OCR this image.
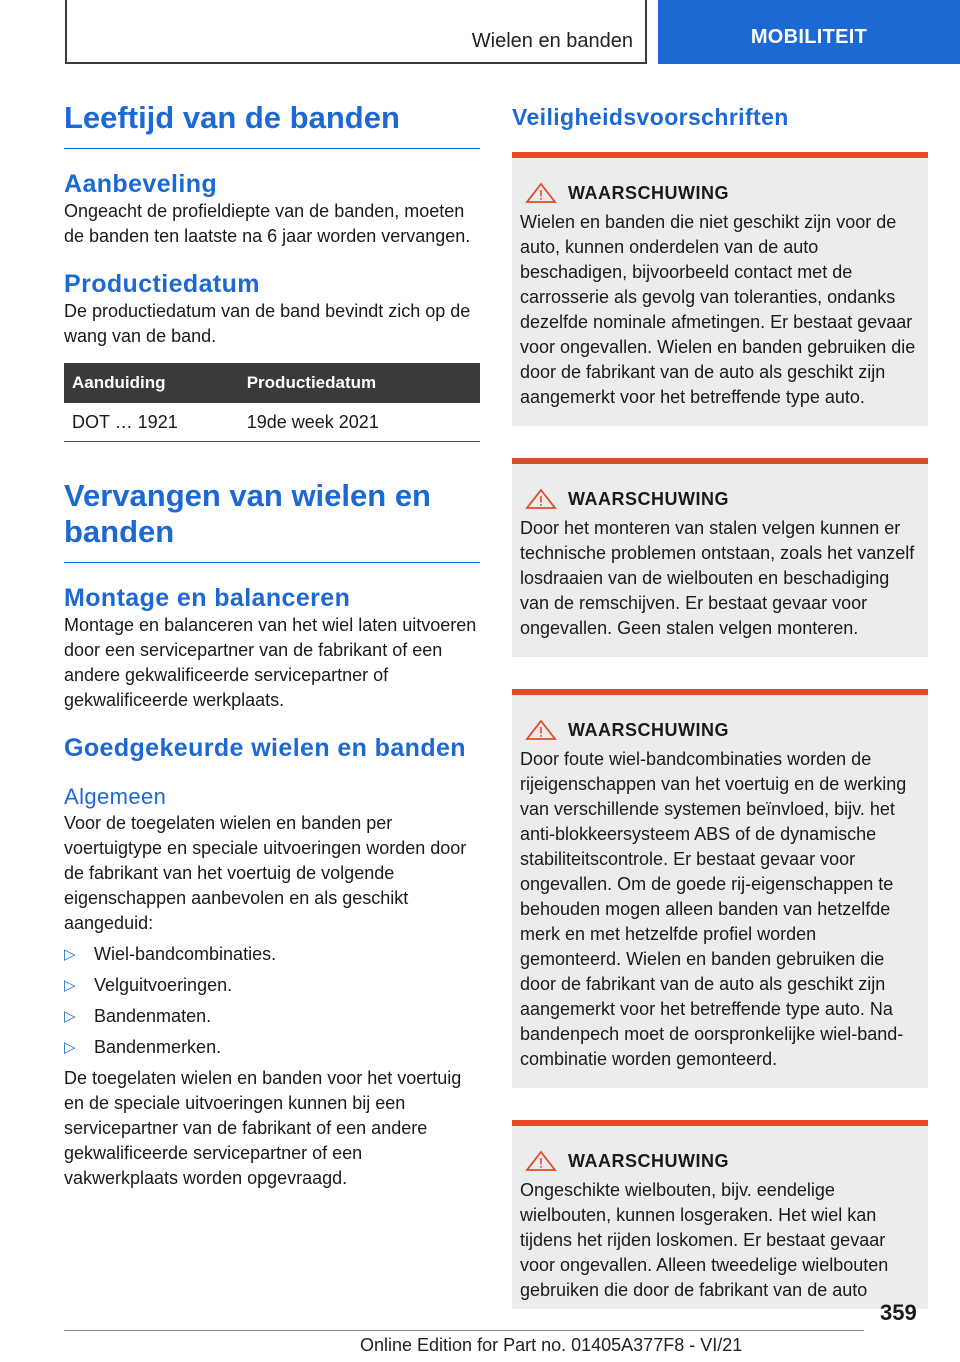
Wielen en banden	MOBILITEIT
Leeftijd van de banden
Aanbeveling

Ongeacht de profieldiepte van de banden, moeten de banden ten laatste na 6 jaar worden vervangen.

Productiedatum

De productiedatum van de band bevindt zich op de wang van de band.

Aanduiding	Productiedatum
DOT … 1921	19de week 2021
Vervangen van wielen en banden
Montage en balanceren

Montage en balanceren van het wiel laten uitvoeren door een servicepartner van de fabrikant of een andere gekwalificeerde servicepartner of gekwalificeerde werkplaats.

Goedgekeurde wielen en banden
Algemeen

Voor de toegelaten wielen en banden per voertuigtype en speciale uitvoeringen worden door de fabrikant van het voertuig de volgende eigenschappen aanbevolen en als geschikt aangeduid:

▷	Wiel-bandcombinaties.
▷	Velguitvoeringen.
▷	Bandenmaten.
▷	Bandenmerken.

De toegelaten wielen en banden voor het voertuig en de speciale uitvoeringen kunnen bij een servicepartner van de fabrikant of een andere gekwalificeerde servicepartner of een vakwerkplaats worden opgevraagd.

Veiligheidsvoorschriften
WAARSCHUWING

Wielen en banden die niet geschikt zijn voor de auto, kunnen onderdelen van de auto beschadigen, bijvoorbeeld contact met de carrosserie als gevolg van toleranties, ondanks dezelfde nominale afmetingen. Er bestaat gevaar voor ongevallen. Wielen en banden gebruiken die door de fabrikant van de auto als geschikt zijn aangemerkt voor het betreffende type auto.

WAARSCHUWING

Door het monteren van stalen velgen kunnen er technische problemen ontstaan, zoals het vanzelf losdraaien van de wielbouten en beschadiging van de remschijven. Er bestaat gevaar voor ongevallen. Geen stalen velgen monteren.

WAARSCHUWING

Door foute wiel-bandcombinaties worden de rijeigenschappen van het voertuig en de werking van verschillende systemen beïnvloed, bijv. het anti-blokkeersysteem ABS of de dynamische stabiliteitscontrole. Er bestaat gevaar voor ongevallen. Om de goede rij-eigenschappen te behouden mogen alleen banden van hetzelfde merk en met hetzelfde profiel worden gemonteerd. Wielen en banden gebruiken die door de fabrikant van de auto als geschikt zijn aangemerkt voor het betreffende type auto. Na bandenpech moet de oorspronkelijke wiel-band-combinatie worden gemonteerd.

WAARSCHUWING

Ongeschikte wielbouten, bijv. eendelige wielbouten, kunnen losgeraken. Het wiel kan tijdens het rijden loskomen. Er bestaat gevaar voor ongevallen. Alleen tweedelige wielbouten gebruiken die door de fabrikant van de auto

359
Online Edition for Part no. 01405A377F8 - VI/21
